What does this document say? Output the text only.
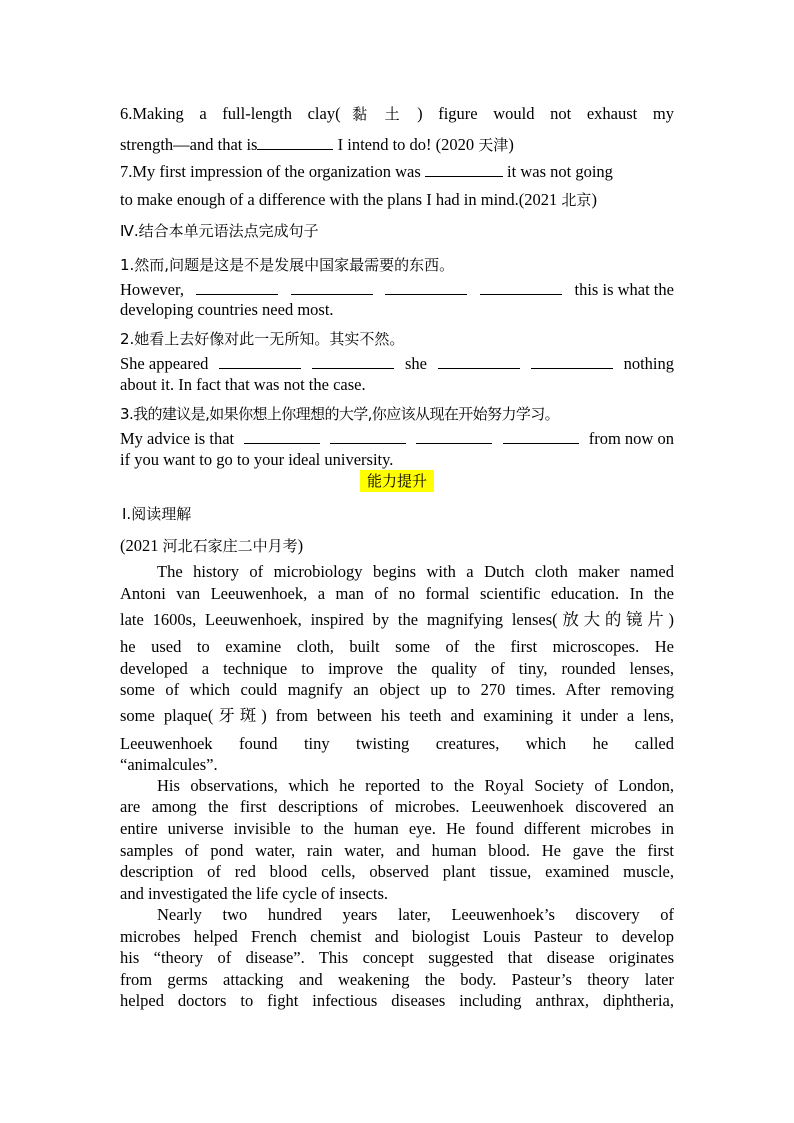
6.Making a full-length clay(黏土) figure would not exhaust my
strength—and that is	I intend to do! (2020 天津)
7.My first impression of the organization was	it was not going
to make enough of a difference with the plans I had in mind.(2021 北京)
Ⅳ.结合本单元语法点完成句子
1.然而,问题是这是不是发展中国家最需要的东西。
However,	this is what the
developing countries need most.
2.她看上去好像对此一无所知。其实不然。
She appeared	she	nothing
about it. In fact that was not the case.
3.我的建议是,如果你想上你理想的大学,你应该从现在开始努力学习。
My advice is that	from now on
if you want to go to your ideal university.
能力提升
Ⅰ.阅读理解
(2021 河北石家庄二中月考)
The history of microbiology begins with a Dutch cloth maker named
Antoni van Leeuwenhoek, a man of no formal scientific education. In the
late 1600s, Leeuwenhoek, inspired by the magnifying lenses(放大的镜片)
he used to examine cloth, built some of the first microscopes. He
developed a technique to improve the quality of tiny, rounded lenses,
some of which could magnify an object up to 270 times. After removing
some plaque(牙斑) from between his teeth and examining it under a lens,
Leeuwenhoek found tiny twisting creatures, which he called
“animalcules”.
His observations, which he reported to the Royal Society of London,
are among the first descriptions of microbes. Leeuwenhoek discovered an
entire universe invisible to the human eye. He found different microbes in
samples of pond water, rain water, and human blood. He gave the first
description of red blood cells, observed plant tissue, examined muscle,
and investigated the life cycle of insects.
Nearly two hundred years later, Leeuwenhoek’s discovery of
microbes helped French chemist and biologist Louis Pasteur to develop
his “theory of disease”. This concept suggested that disease originates
from germs attacking and weakening the body. Pasteur’s theory later
helped doctors to fight infectious diseases including anthrax, diphtheria,
